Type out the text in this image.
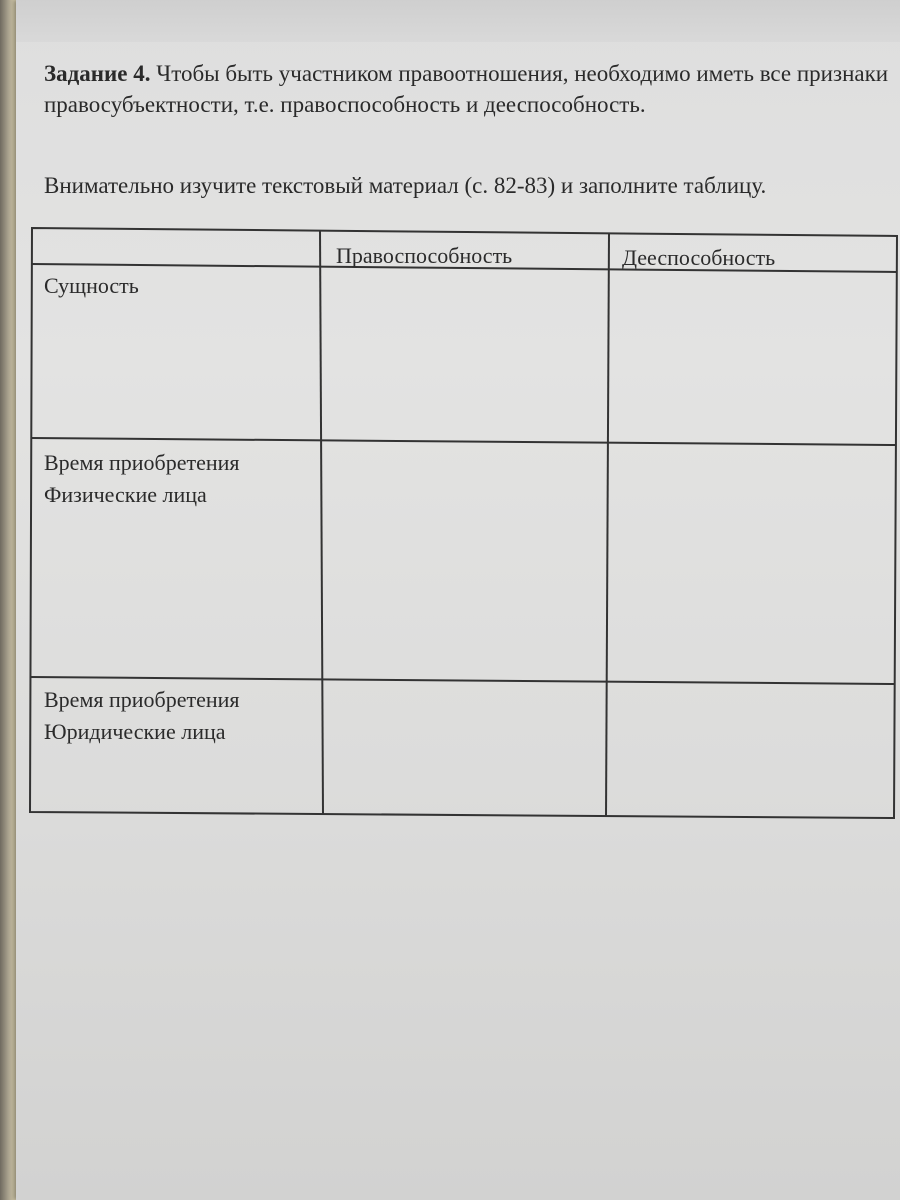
Задание 4. Чтобы быть участником правоотношения, необходимо иметь все признаки правосубъектности, т.е. правоспособность и дееспособность.
Внимательно изучите текстовый материал (с. 82-83) и заполните таблицу.
Правоспособность	Дееспособность
Сущность
Время приобретения
Физические лица
Время приобретения
Юридические лица
